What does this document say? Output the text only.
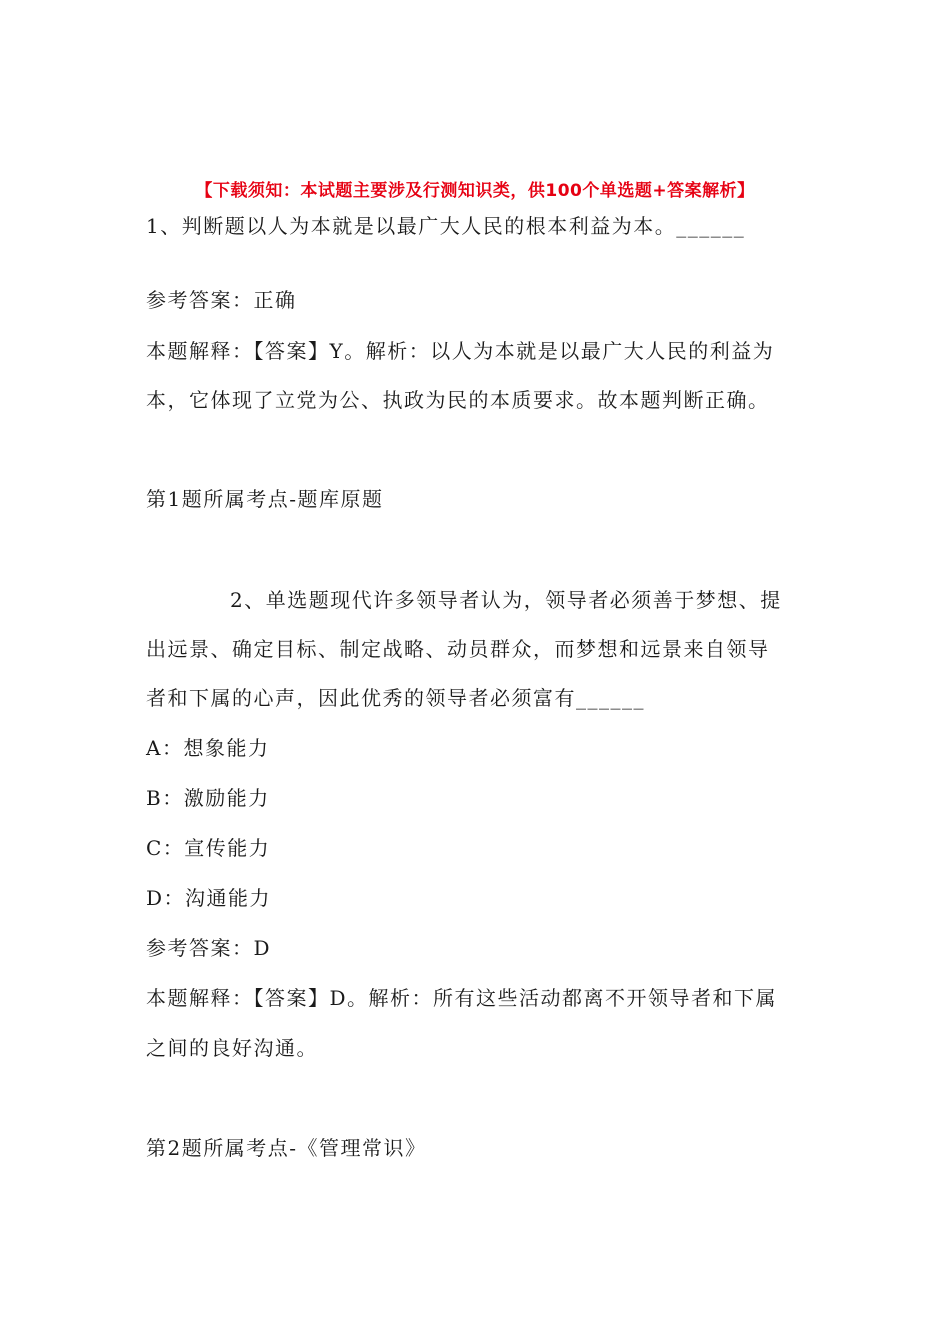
【下载须知：本试题主要涉及行测知识类，供100个单选题+答案解析】
1、判断题以人为本就是以最广大人民的根本利益为本。______
参考答案：正确
本题解释：【答案】Y。解析：以人为本就是以最广大人民的利益为
本，它体现了立党为公、执政为民的本质要求。故本题判断正确。
第1题所属考点-题库原题
2、单选题现代许多领导者认为，领导者必须善于梦想、提
出远景、确定目标、制定战略、动员群众，而梦想和远景来自领导
者和下属的心声，因此优秀的领导者必须富有______
A：想象能力
B：激励能力
C：宣传能力
D：沟通能力
参考答案：D
本题解释：【答案】D。解析：所有这些活动都离不开领导者和下属
之间的良好沟通。
第2题所属考点-《管理常识》
